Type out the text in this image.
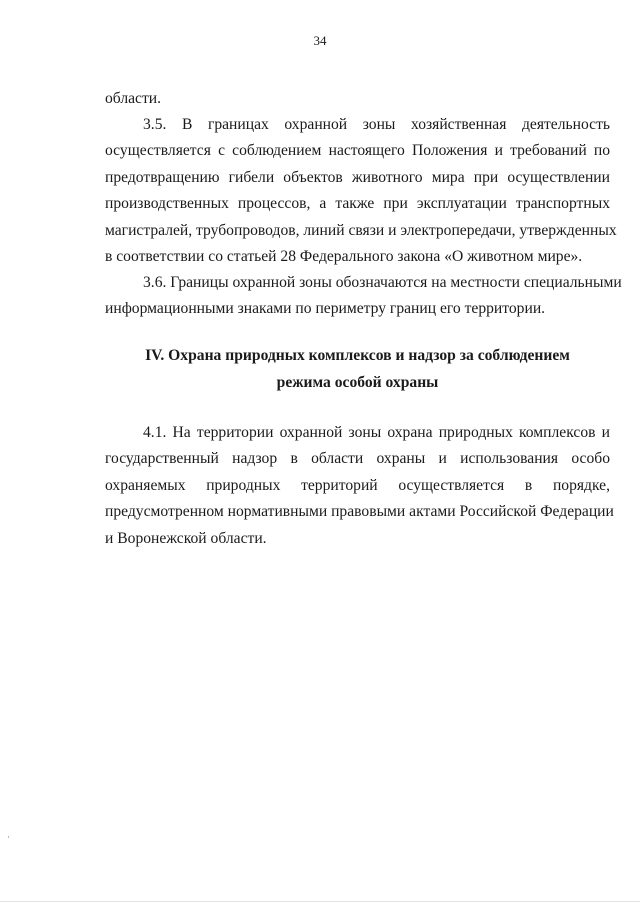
34
области.
3.5. В границах охранной зоны хозяйственная деятельность
осуществляется с соблюдением настоящего Положения и требований по
предотвращению гибели объектов животного мира при осуществлении
производственных процессов, а также при эксплуатации транспортных
магистралей, трубопроводов, линий связи и электропередачи, утвержденных
в соответствии со статьей 28 Федерального закона «О животном мире».
3.6. Границы охранной зоны обозначаются на местности специальными
информационными знаками по периметру границ его территории.
IV. Охрана природных комплексов и надзор за соблюдением
режима особой охраны
4.1. На территории охранной зоны охрана природных комплексов и
государственный надзор в области охраны и использования особо
охраняемых природных территорий осуществляется в порядке,
предусмотренном нормативными правовыми актами Российской Федерации
и Воронежской области.
